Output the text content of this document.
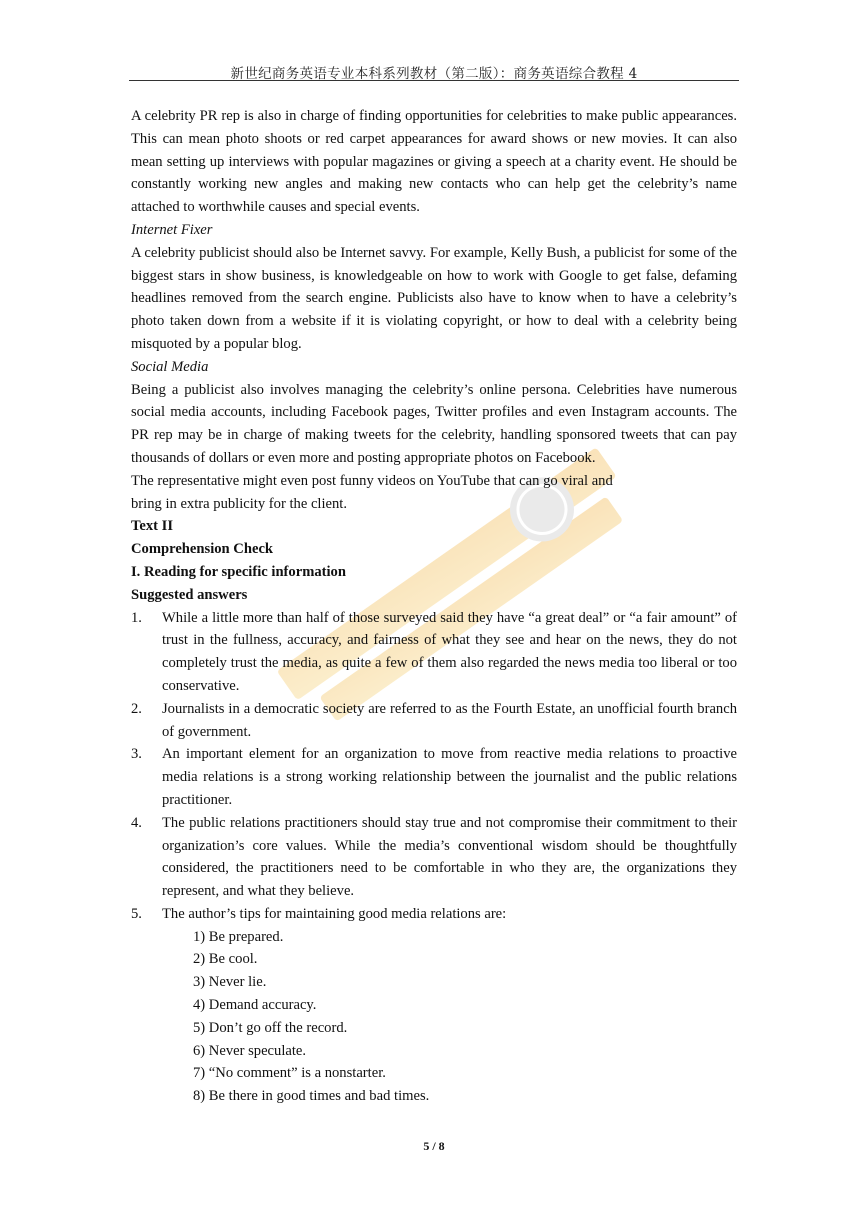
新世纪商务英语专业本科系列教材（第二版）：商务英语综合教程 4

A celebrity PR rep is also in charge of finding opportunities for celebrities to make public appearances. This can mean photo shoots or red carpet appearances for award shows or new movies. It can also mean setting up interviews with popular magazines or giving a speech at a charity event. He should be constantly working new angles and making new contacts who can help get the celebrity’s name attached to worthwhile causes and special events.

Internet Fixer

A celebrity publicist should also be Internet savvy. For example, Kelly Bush, a publicist for some of the biggest stars in show business, is knowledgeable on how to work with Google to get false, defaming headlines removed from the search engine. Publicists also have to know when to have a celebrity’s photo taken down from a website if it is violating copyright, or how to deal with a celebrity being misquoted by a popular blog.

Social Media

Being a publicist also involves managing the celebrity’s online persona. Celebrities have numerous social media accounts, including Facebook pages, Twitter profiles and even Instagram accounts. The PR rep may be in charge of making tweets for the celebrity, handling sponsored tweets that can pay thousands of dollars or even more and posting appropriate photos on Facebook.

The representative might even post funny videos on YouTube that can go viral and

bring in extra publicity for the client.

Text II

Comprehension Check

I. Reading for specific information

Suggested answers

1. While a little more than half of those surveyed said they have “a great deal” or “a fair amount” of trust in the fullness, accuracy, and fairness of what they see and hear on the news, they do not completely trust the media, as quite a few of them also regarded the news media too liberal or too conservative.
2. Journalists in a democratic society are referred to as the Fourth Estate, an unofficial fourth branch of government.
3. An important element for an organization to move from reactive media relations to proactive media relations is a strong working relationship between the journalist and the public relations practitioner.
4. The public relations practitioners should stay true and not compromise their commitment to their organization’s core values. While the media’s conventional wisdom should be thoughtfully considered, the practitioners need to be comfortable in who they are, the organizations they represent, and what they believe.
5. The author’s tips for maintaining good media relations are:
1) Be prepared.
2) Be cool.
3) Never lie.
4) Demand accuracy.
5) Don’t go off the record.
6) Never speculate.
7) “No comment” is a nonstarter.
8) Be there in good times and bad times.
5 / 8
